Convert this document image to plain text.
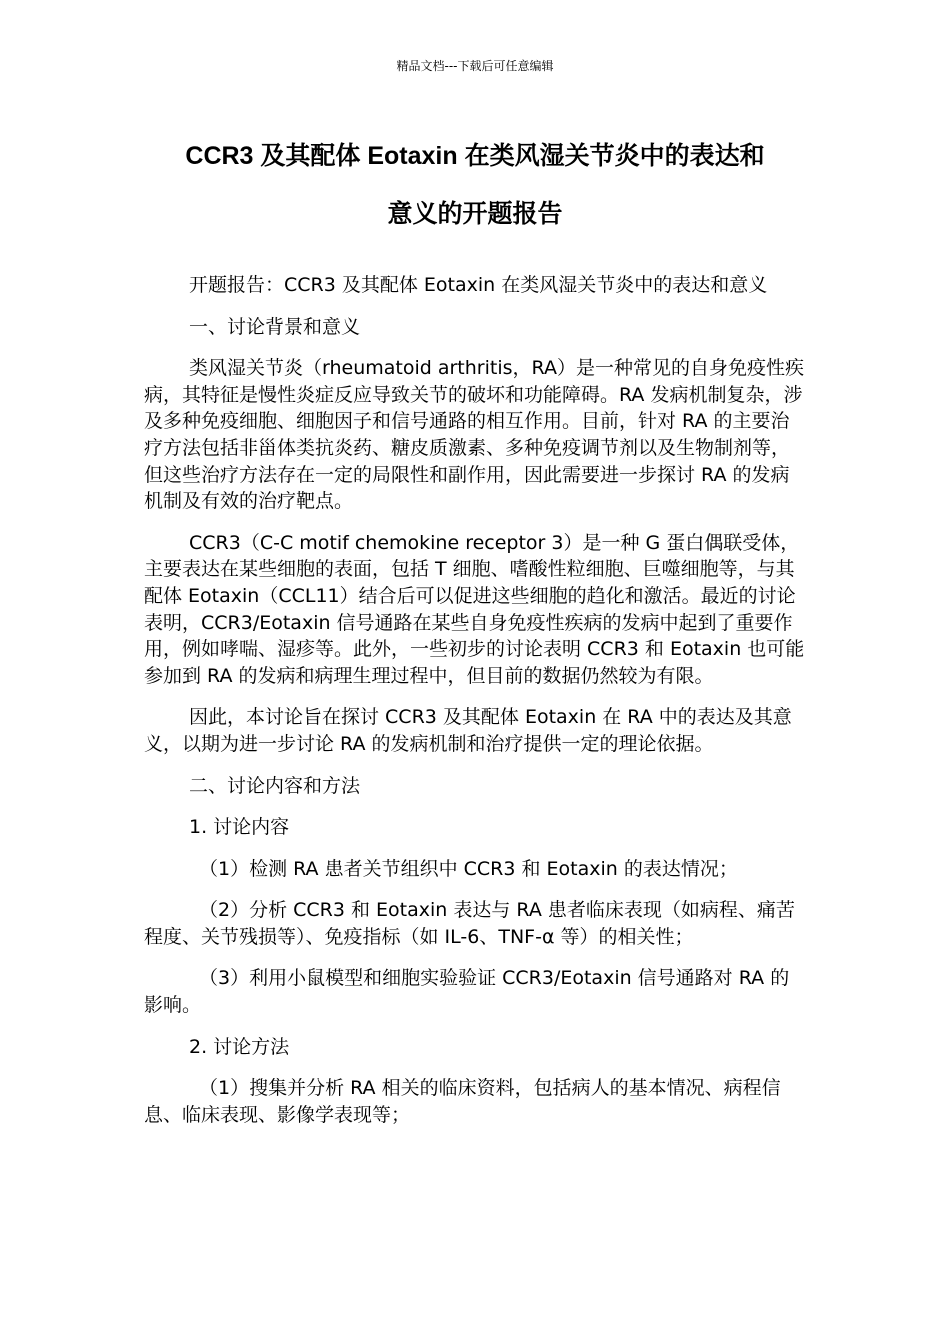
精品文档---下载后可任意编辑
CCR3 及其配体 Eotaxin 在类风湿关节炎中的表达和
意义的开题报告

开题报告：CCR3 及其配体 Eotaxin 在类风湿关节炎中的表达和意义

一、讨论背景和意义

类风湿关节炎（rheumatoid arthritis，RA）是一种常见的自身免疫性疾病，其特征是慢性炎症反应导致关节的破坏和功能障碍。RA 发病机制复杂，涉及多种免疫细胞、细胞因子和信号通路的相互作用。目前，针对 RA 的主要治疗方法包括非甾体类抗炎药、糖皮质激素、多种免疫调节剂以及生物制剂等，但这些治疗方法存在一定的局限性和副作用，因此需要进一步探讨 RA 的发病机制及有效的治疗靶点。

CCR3（C-C motif chemokine receptor 3）是一种 G 蛋白偶联受体，主要表达在某些细胞的表面，包括 T 细胞、嗜酸性粒细胞、巨噬细胞等，与其配体 Eotaxin（CCL11）结合后可以促进这些细胞的趋化和激活。最近的讨论表明，CCR3/Eotaxin 信号通路在某些自身免疫性疾病的发病中起到了重要作用，例如哮喘、湿疹等。此外，一些初步的讨论表明 CCR3 和 Eotaxin 也可能参加到 RA 的发病和病理生理过程中，但目前的数据仍然较为有限。

因此，本讨论旨在探讨 CCR3 及其配体 Eotaxin 在 RA 中的表达及其意义，以期为进一步讨论 RA 的发病机制和治疗提供一定的理论依据。

二、讨论内容和方法

1. 讨论内容

（1）检测 RA 患者关节组织中 CCR3 和 Eotaxin 的表达情况；

（2）分析 CCR3 和 Eotaxin 表达与 RA 患者临床表现（如病程、痛苦程度、关节残损等）、免疫指标（如 IL-6、TNF-α 等）的相关性；

（3）利用小鼠模型和细胞实验验证 CCR3/Eotaxin 信号通路对 RA 的影响。

2. 讨论方法

（1）搜集并分析 RA 相关的临床资料，包括病人的基本情况、病程信息、临床表现、影像学表现等；
